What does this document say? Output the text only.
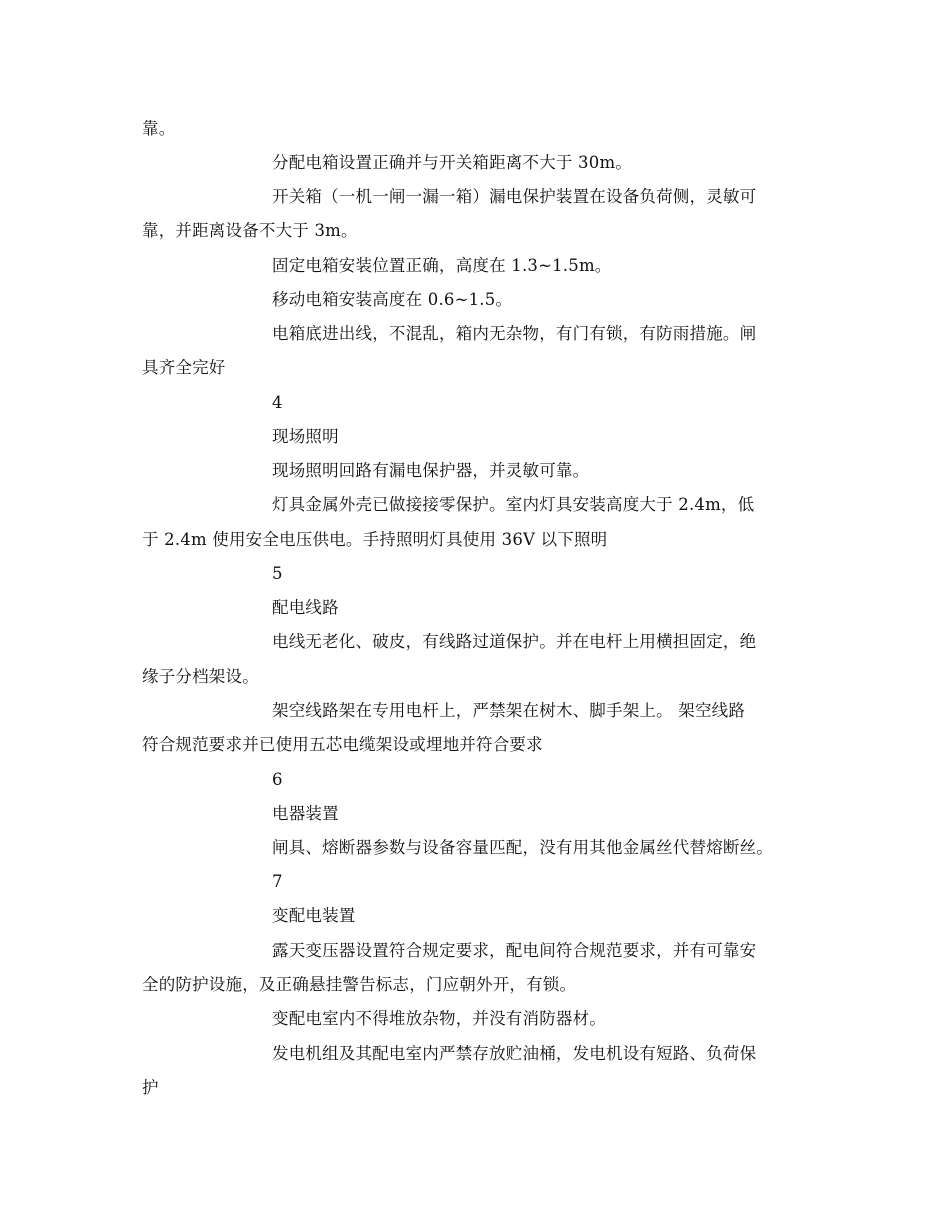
靠。
分配电箱设置正确并与开关箱距离不大于 30m。
开关箱（一机一闸一漏一箱）漏电保护装置在设备负荷侧，灵敏可
靠，并距离设备不大于 3m。
固定电箱安装位置正确，高度在 1.3~1.5m。
移动电箱安装高度在 0.6~1.5。
电箱底进出线，不混乱，箱内无杂物，有门有锁，有防雨措施。闸
具齐全完好
4
现场照明
现场照明回路有漏电保护器，并灵敏可靠。
灯具金属外壳已做接接零保护。室内灯具安装高度大于 2.4m，低
于 2.4m 使用安全电压供电。手持照明灯具使用 36V 以下照明
5
配电线路
电线无老化、破皮，有线路过道保护。并在电杆上用横担固定，绝
缘子分档架设。
架空线路架在专用电杆上，严禁架在树木、脚手架上。 架空线路
符合规范要求并已使用五芯电缆架设或埋地并符合要求
6
电器装置
闸具、熔断器参数与设备容量匹配，没有用其他金属丝代替熔断丝。
7
变配电装置
露天变压器设置符合规定要求，配电间符合规范要求，并有可靠安
全的防护设施，及正确悬挂警告标志，门应朝外开，有锁。
变配电室内不得堆放杂物，并没有消防器材。
发电机组及其配电室内严禁存放贮油桶，发电机设有短路、负荷保
护
